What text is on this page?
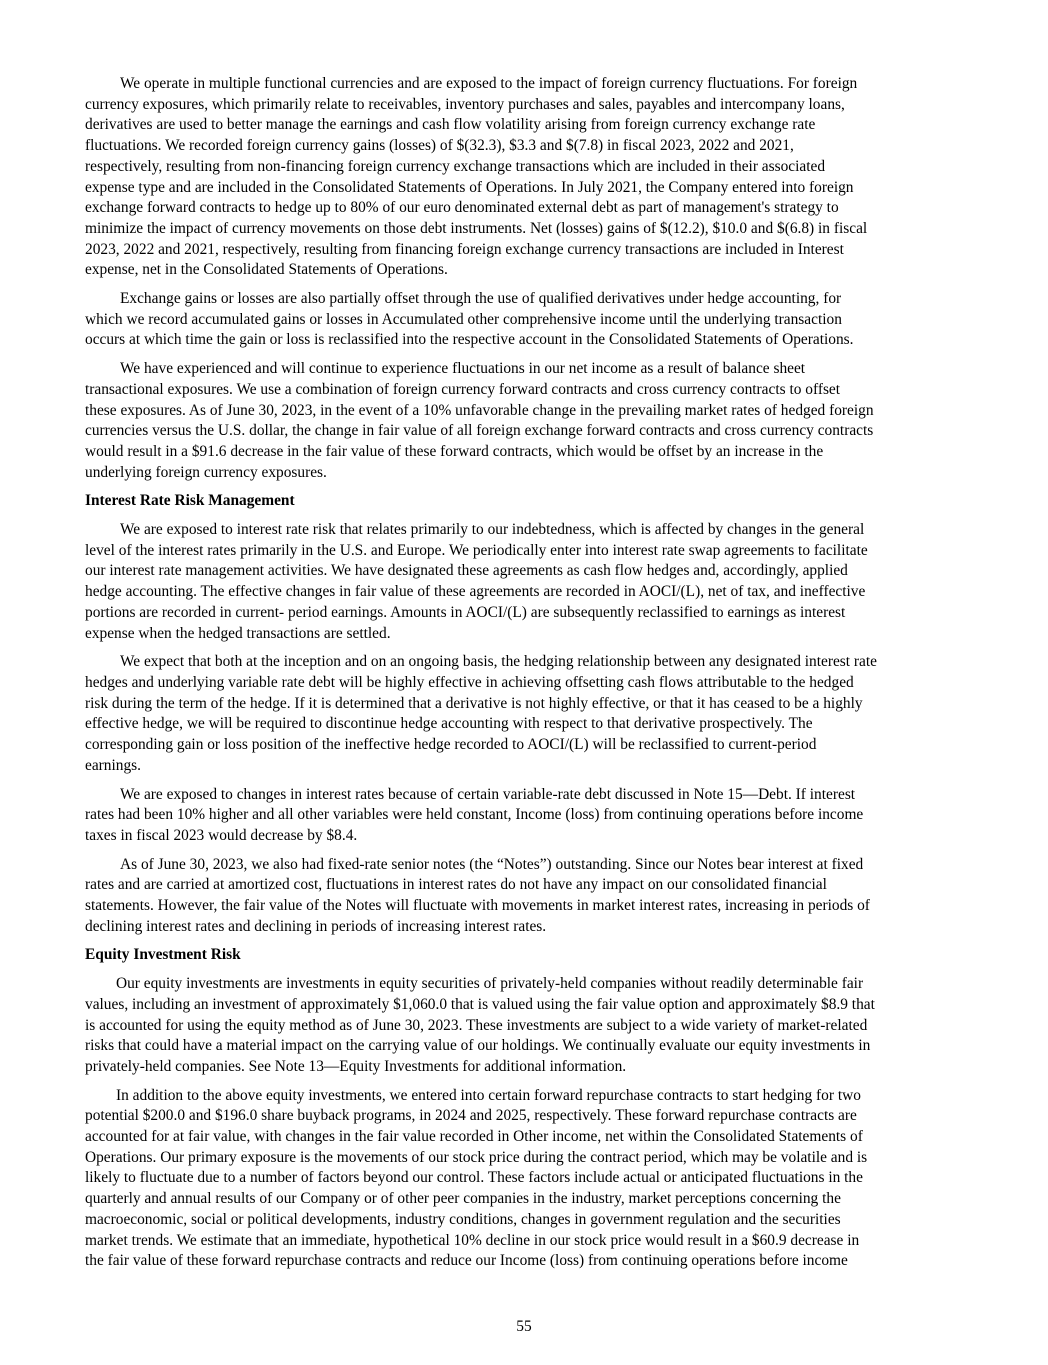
We operate in multiple functional currencies and are exposed to the impact of foreign currency fluctuations. For foreign
currency exposures, which primarily relate to receivables, inventory purchases and sales, payables and intercompany loans,
derivatives are used to better manage the earnings and cash flow volatility arising from foreign currency exchange rate
fluctuations. We recorded foreign currency gains (losses) of $(32.3), $3.3 and $(7.8) in fiscal 2023, 2022 and 2021,
respectively, resulting from non-financing foreign currency exchange transactions which are included in their associated
expense type and are included in the Consolidated Statements of Operations. In July 2021, the Company entered into foreign
exchange forward contracts to hedge up to 80% of our euro denominated external debt as part of management's strategy to
minimize the impact of currency movements on those debt instruments. Net (losses) gains of $(12.2), $10.0 and $(6.8) in fiscal
2023, 2022 and 2021, respectively, resulting from financing foreign exchange currency transactions are included in Interest
expense, net in the Consolidated Statements of Operations.

Exchange gains or losses are also partially offset through the use of qualified derivatives under hedge accounting, for
which we record accumulated gains or losses in Accumulated other comprehensive income until the underlying transaction
occurs at which time the gain or loss is reclassified into the respective account in the Consolidated Statements of Operations.

We have experienced and will continue to experience fluctuations in our net income as a result of balance sheet
transactional exposures. We use a combination of foreign currency forward contracts and cross currency contracts to offset
these exposures. As of June 30, 2023, in the event of a 10% unfavorable change in the prevailing market rates of hedged foreign
currencies versus the U.S. dollar, the change in fair value of all foreign exchange forward contracts and cross currency contracts
would result in a $91.6 decrease in the fair value of these forward contracts, which would be offset by an increase in the
underlying foreign currency exposures.

Interest Rate Risk Management

We are exposed to interest rate risk that relates primarily to our indebtedness, which is affected by changes in the general
level of the interest rates primarily in the U.S. and Europe. We periodically enter into interest rate swap agreements to facilitate
our interest rate management activities. We have designated these agreements as cash flow hedges and, accordingly, applied
hedge accounting. The effective changes in fair value of these agreements are recorded in AOCI/(L), net of tax, and ineffective
portions are recorded in current- period earnings. Amounts in AOCI/(L) are subsequently reclassified to earnings as interest
expense when the hedged transactions are settled.

We expect that both at the inception and on an ongoing basis, the hedging relationship between any designated interest rate
hedges and underlying variable rate debt will be highly effective in achieving offsetting cash flows attributable to the hedged
risk during the term of the hedge. If it is determined that a derivative is not highly effective, or that it has ceased to be a highly
effective hedge, we will be required to discontinue hedge accounting with respect to that derivative prospectively. The
corresponding gain or loss position of the ineffective hedge recorded to AOCI/(L) will be reclassified to current-period
earnings.

We are exposed to changes in interest rates because of certain variable-rate debt discussed in Note 15—Debt. If interest
rates had been 10% higher and all other variables were held constant, Income (loss) from continuing operations before income
taxes in fiscal 2023 would decrease by $8.4.

As of June 30, 2023, we also had fixed-rate senior notes (the “Notes”) outstanding. Since our Notes bear interest at fixed
rates and are carried at amortized cost, fluctuations in interest rates do not have any impact on our consolidated financial
statements. However, the fair value of the Notes will fluctuate with movements in market interest rates, increasing in periods of
declining interest rates and declining in periods of increasing interest rates.

Equity Investment Risk

Our equity investments are investments in equity securities of privately-held companies without readily determinable fair
values, including an investment of approximately $1,060.0 that is valued using the fair value option and approximately $8.9 that
is accounted for using the equity method as of June 30, 2023. These investments are subject to a wide variety of market-related
risks that could have a material impact on the carrying value of our holdings. We continually evaluate our equity investments in
privately-held companies. See Note 13—Equity Investments for additional information.

In addition to the above equity investments, we entered into certain forward repurchase contracts to start hedging for two
potential $200.0 and $196.0 share buyback programs, in 2024 and 2025, respectively. These forward repurchase contracts are
accounted for at fair value, with changes in the fair value recorded in Other income, net within the Consolidated Statements of
Operations. Our primary exposure is the movements of our stock price during the contract period, which may be volatile and is
likely to fluctuate due to a number of factors beyond our control. These factors include actual or anticipated fluctuations in the
quarterly and annual results of our Company or of other peer companies in the industry, market perceptions concerning the
macroeconomic, social or political developments, industry conditions, changes in government regulation and the securities
market trends. We estimate that an immediate, hypothetical 10% decline in our stock price would result in a $60.9 decrease in
the fair value of these forward repurchase contracts and reduce our Income (loss) from continuing operations before income

55
